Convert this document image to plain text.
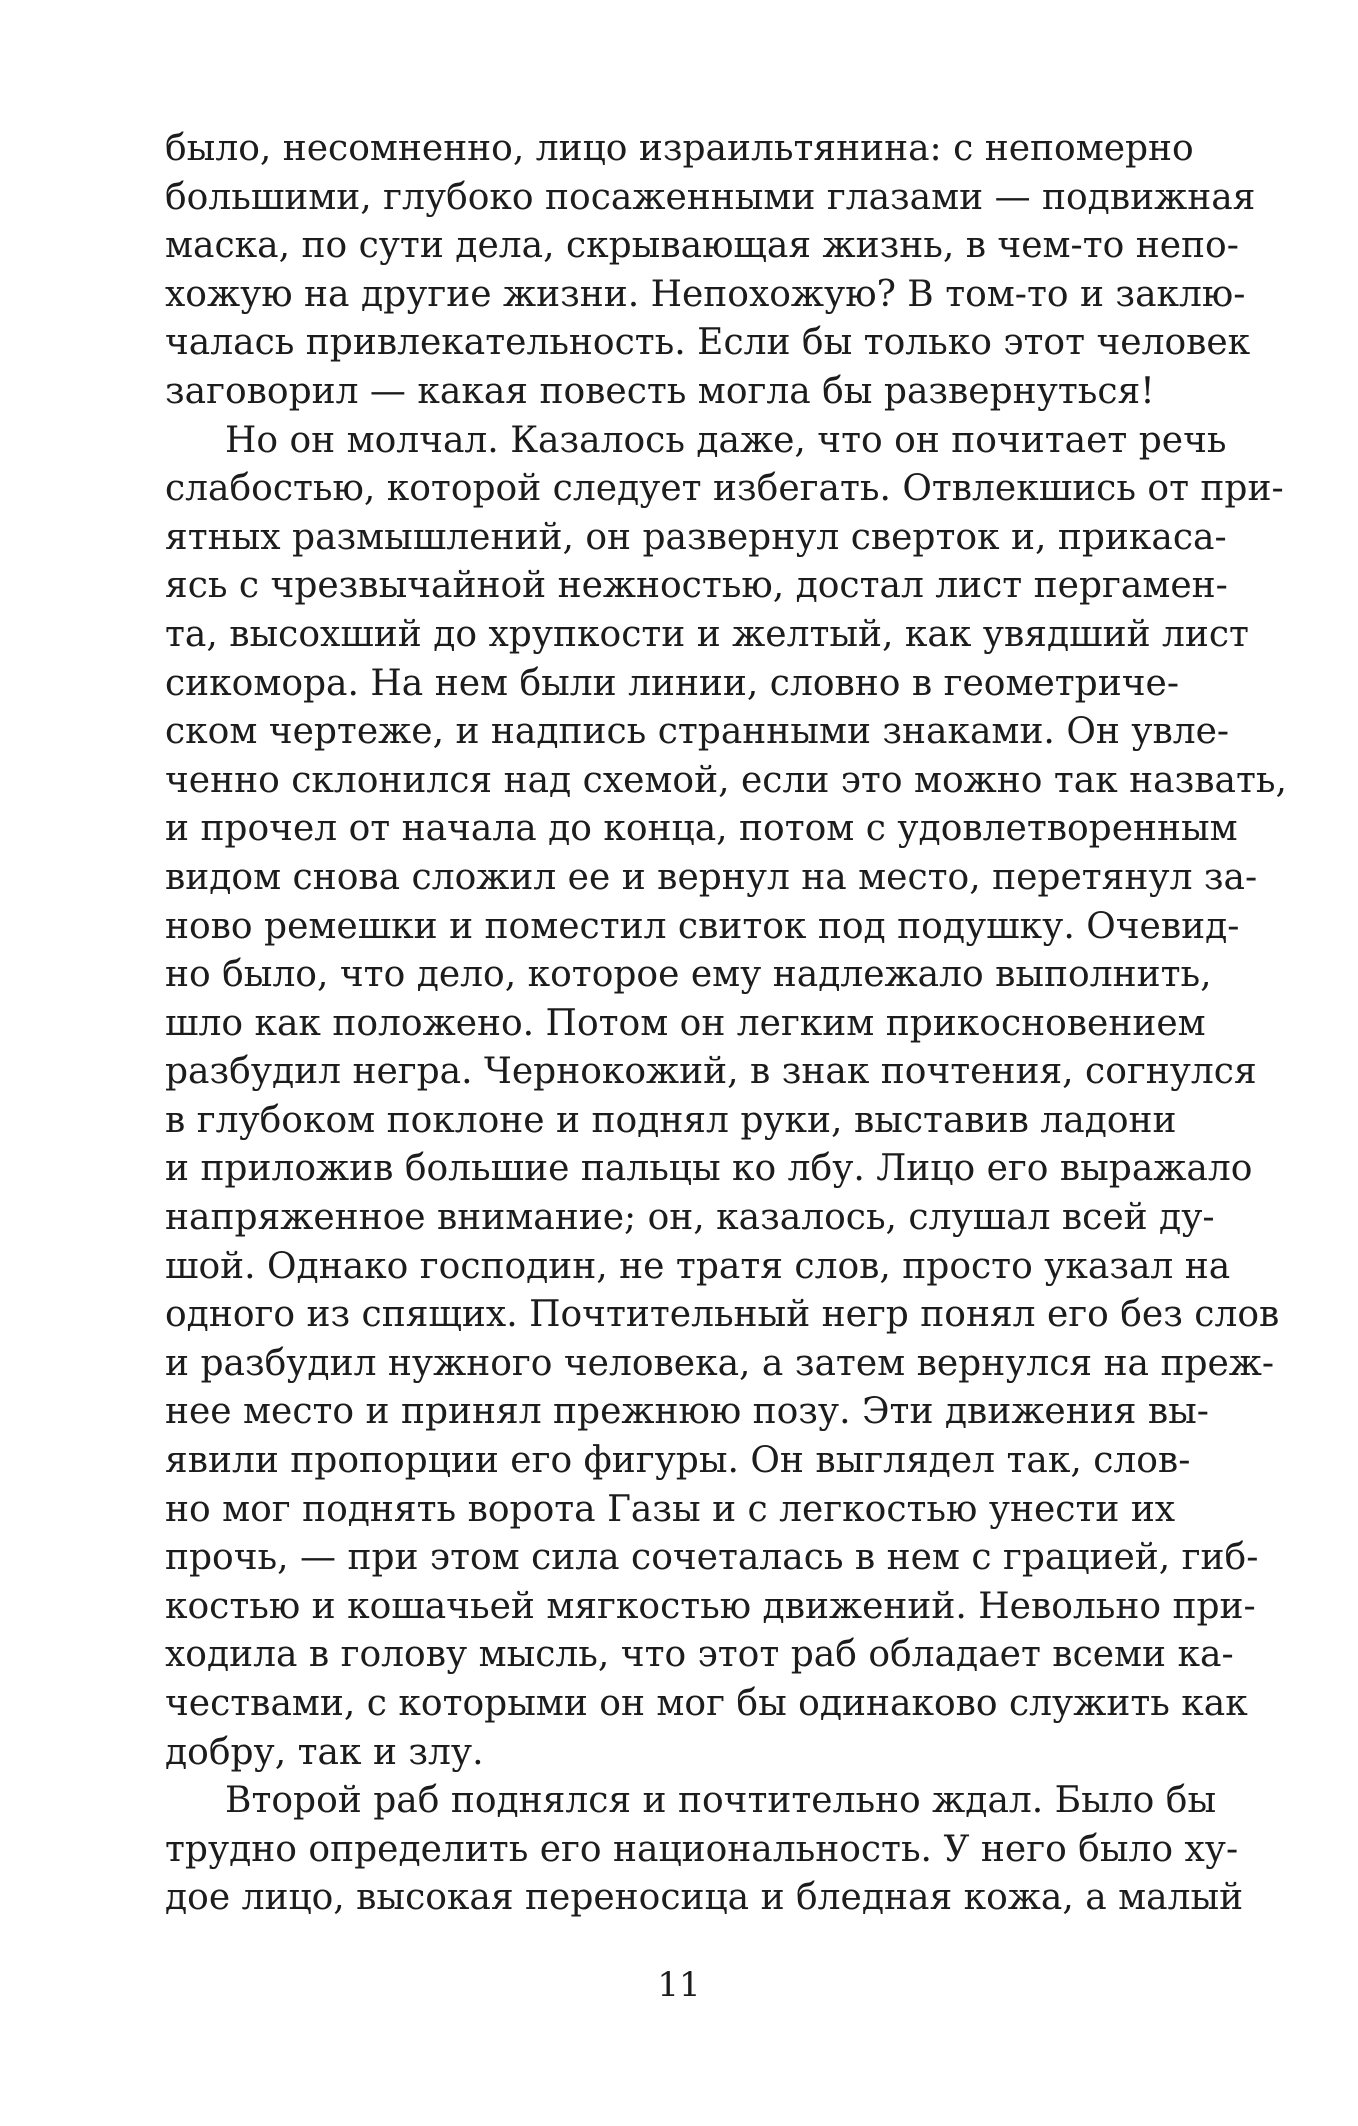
было, несомненно, лицо израильтянина: с непомерно
большими, глубоко посаженными глазами — подвижная
маска, по сути дела, скрывающая жизнь, в чем-то непо-
хожую на другие жизни. Непохожую? В том-то и заклю-
чалась привлекательность. Если бы только этот человек
заговорил — какая повесть могла бы развернуться!

Но он молчал. Казалось даже, что он почитает речь
слабостью, которой следует избегать. Отвлекшись от при-
ятных размышлений, он развернул сверток и, прикаса-
ясь с чрезвычайной нежностью, достал лист пергамен-
та, высохший до хрупкости и желтый, как увядший лист
сикомора. На нем были линии, словно в геометриче-
ском чертеже, и надпись странными знаками. Он увле-
ченно склонился над схемой, если это можно так назвать,
и прочел от начала до конца, потом с удовлетворенным
видом снова сложил ее и вернул на место, перетянул за-
ново ремешки и поместил свиток под подушку. Очевид-
но было, что дело, которое ему надлежало выполнить,
шло как положено. Потом он легким прикосновением
разбудил негра. Чернокожий, в знак почтения, согнулся
в глубоком поклоне и поднял руки, выставив ладони
и приложив большие пальцы ко лбу. Лицо его выражало
напряженное внимание; он, казалось, слушал всей ду-
шой. Однако господин, не тратя слов, просто указал на
одного из спящих. Почтительный негр понял его без слов
и разбудил нужного человека, а затем вернулся на преж-
нее место и принял прежнюю позу. Эти движения вы-
явили пропорции его фигуры. Он выглядел так, слов-
но мог поднять ворота Газы и с легкостью унести их
прочь, — при этом сила сочеталась в нем с грацией, гиб-
костью и кошачьей мягкостью движений. Невольно при-
ходила в голову мысль, что этот раб обладает всеми ка-
чествами, с которыми он мог бы одинаково служить как
добру, так и злу.

Второй раб поднялся и почтительно ждал. Было бы
трудно определить его национальность. У него было ху-
дое лицо, высокая переносица и бледная кожа, а малый

11
